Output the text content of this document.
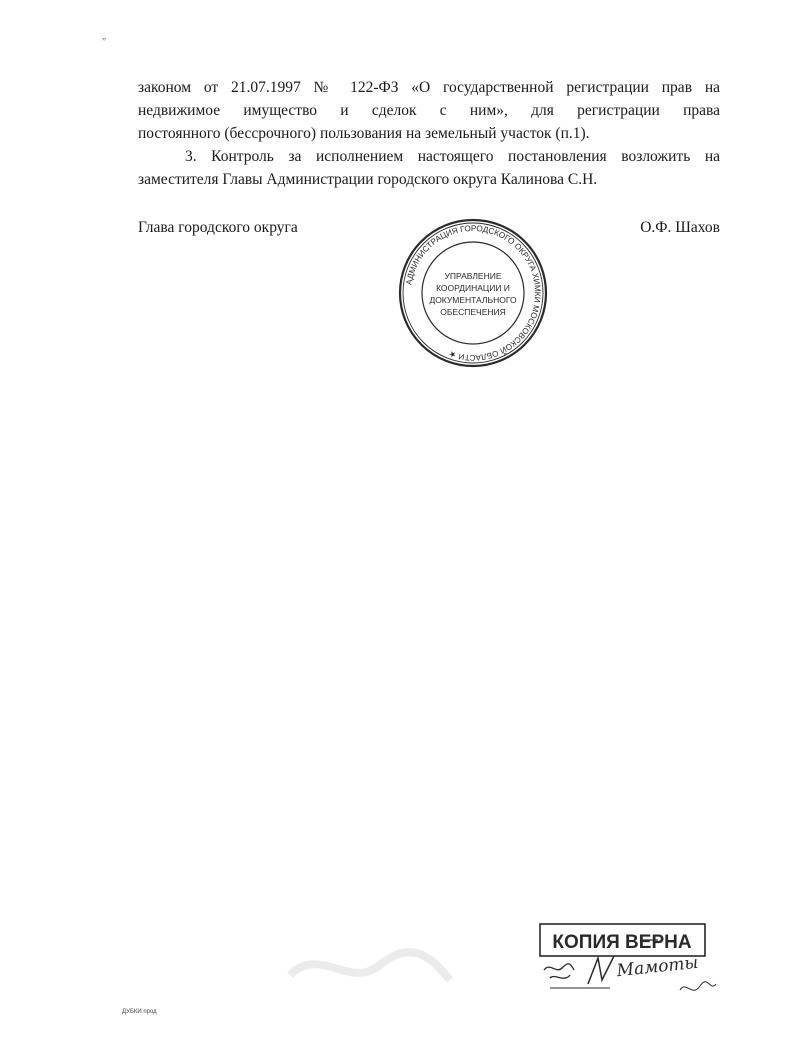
„
законом от 21.07.1997 № 122-ФЗ «О государственной регистрации прав на
недвижимое имущество и сделок с ним», для регистрации права
постоянного (бессрочного) пользования на земельный участок (п.1).
3. Контроль за исполнением настоящего постановления возложить на
заместителя Главы Администрации городского округа Калинова С.Н.
Глава городского округа	О.Ф. Шахов
АДМИНИСТРАЦИЯ ГОРОДСКОГО ОКРУГА ХИМКИ МОСКОВСКОЙ ОБЛАСТИ ★
УПРАВЛЕНИЕ
КООРДИНАЦИИ И
ДОКУМЕНТАЛЬНОГО
ОБЕСПЕЧЕНИЯ
КОПИЯ ВЕРНА
Мамоты
ДУБКИ прод
